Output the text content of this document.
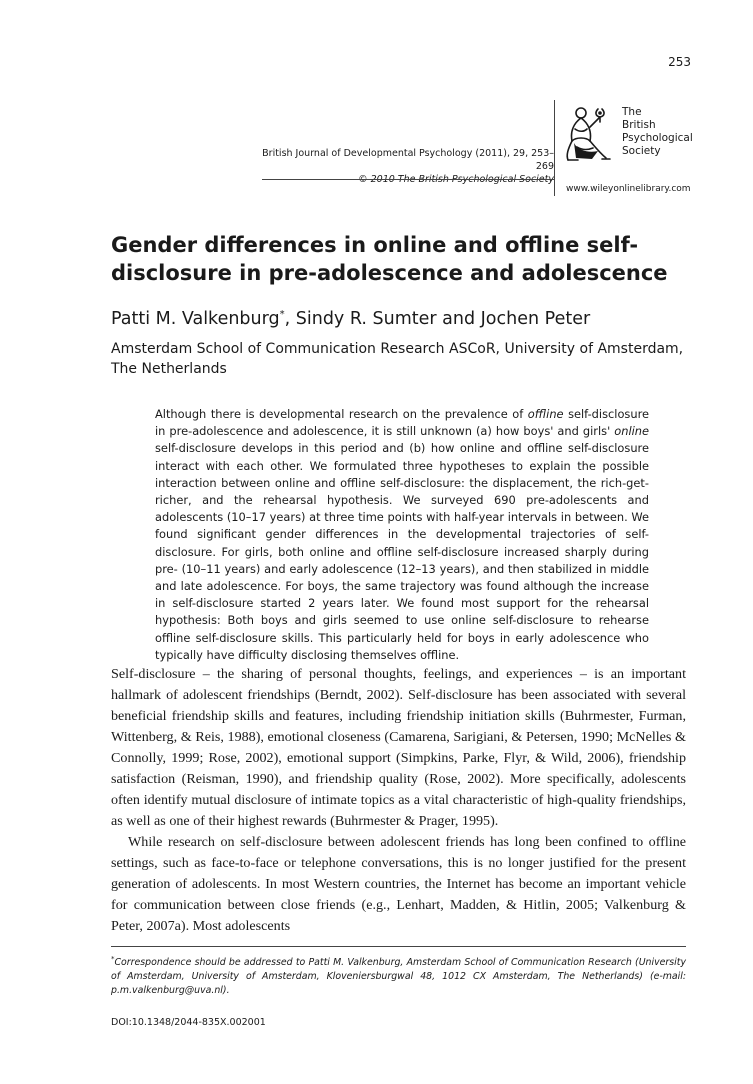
253
British Journal of Developmental Psychology (2011), 29, 253–269
© 2010 The British Psychological Society
The
British
Psychological
Society
www.wileyonlinelibrary.com
Gender differences in online and offline self-disclosure in pre-adolescence and adolescence
Patti M. Valkenburg*, Sindy R. Sumter and Jochen Peter
Amsterdam School of Communication Research ASCoR, University of Amsterdam, The Netherlands
Although there is developmental research on the prevalence of offline self-disclosure in pre-adolescence and adolescence, it is still unknown (a) how boys' and girls' online self-disclosure develops in this period and (b) how online and offline self-disclosure interact with each other. We formulated three hypotheses to explain the possible interaction between online and offline self-disclosure: the displacement, the rich-get-richer, and the rehearsal hypothesis. We surveyed 690 pre-adolescents and adolescents (10–17 years) at three time points with half-year intervals in between. We found significant gender differences in the developmental trajectories of self-disclosure. For girls, both online and offline self-disclosure increased sharply during pre- (10–11 years) and early adolescence (12–13 years), and then stabilized in middle and late adolescence. For boys, the same trajectory was found although the increase in self-disclosure started 2 years later. We found most support for the rehearsal hypothesis: Both boys and girls seemed to use online self-disclosure to rehearse offline self-disclosure skills. This particularly held for boys in early adolescence who typically have difficulty disclosing themselves offline.

Self-disclosure – the sharing of personal thoughts, feelings, and experiences – is an important hallmark of adolescent friendships (Berndt, 2002). Self-disclosure has been associated with several beneficial friendship skills and features, including friendship initiation skills (Buhrmester, Furman, Wittenberg, & Reis, 1988), emotional closeness (Camarena, Sarigiani, & Petersen, 1990; McNelles & Connolly, 1999; Rose, 2002), emotional support (Simpkins, Parke, Flyr, & Wild, 2006), friendship satisfaction (Reisman, 1990), and friendship quality (Rose, 2002). More specifically, adolescents often identify mutual disclosure of intimate topics as a vital characteristic of high-quality friendships, as well as one of their highest rewards (Buhrmester & Prager, 1995).

While research on self-disclosure between adolescent friends has long been confined to offline settings, such as face-to-face or telephone conversations, this is no longer justified for the present generation of adolescents. In most Western countries, the Internet has become an important vehicle for communication between close friends (e.g., Lenhart, Madden, & Hitlin, 2005; Valkenburg & Peter, 2007a). Most adolescents

*Correspondence should be addressed to Patti M. Valkenburg, Amsterdam School of Communication Research (University of Amsterdam, University of Amsterdam, Kloveniersburgwal 48, 1012 CX Amsterdam, The Netherlands) (e-mail: p.m.valkenburg@uva.nl).
DOI:10.1348/2044-835X.002001
